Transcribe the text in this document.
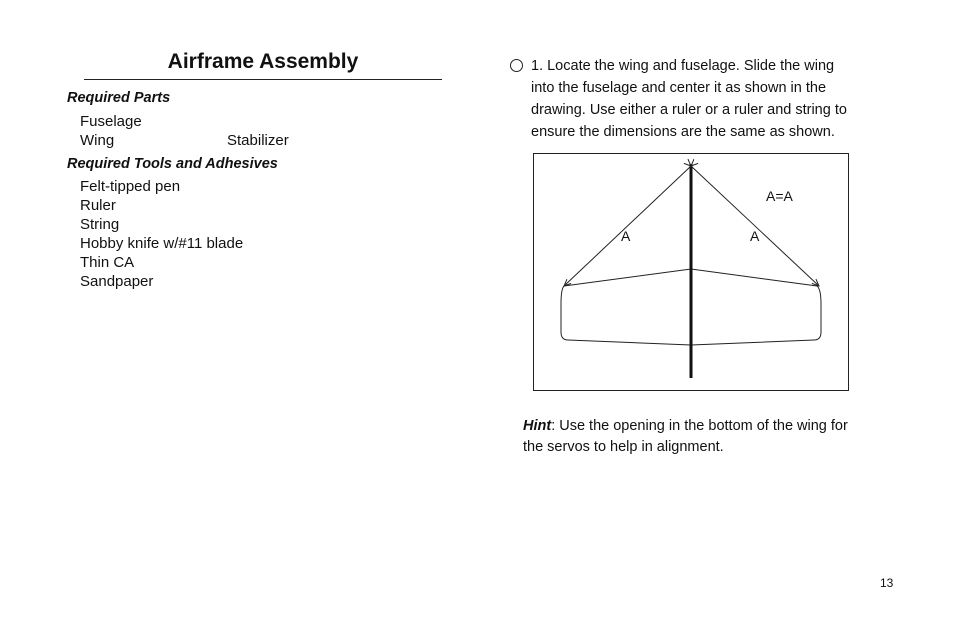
Airframe Assembly
Required Parts
Fuselage
Wing	Stabilizer
Required Tools and Adhesives
Felt-tipped pen
Ruler
String
Hobby knife w/#11 blade
Thin CA
Sandpaper
1. Locate the wing and fuselage. Slide the wing into the fuselage and center it as shown in the drawing. Use either a ruler or a ruler and string to ensure the dimensions are the same as shown.
A=A
A	A
Hint: Use the opening in the bottom of the wing for the servos to help in alignment.
13
